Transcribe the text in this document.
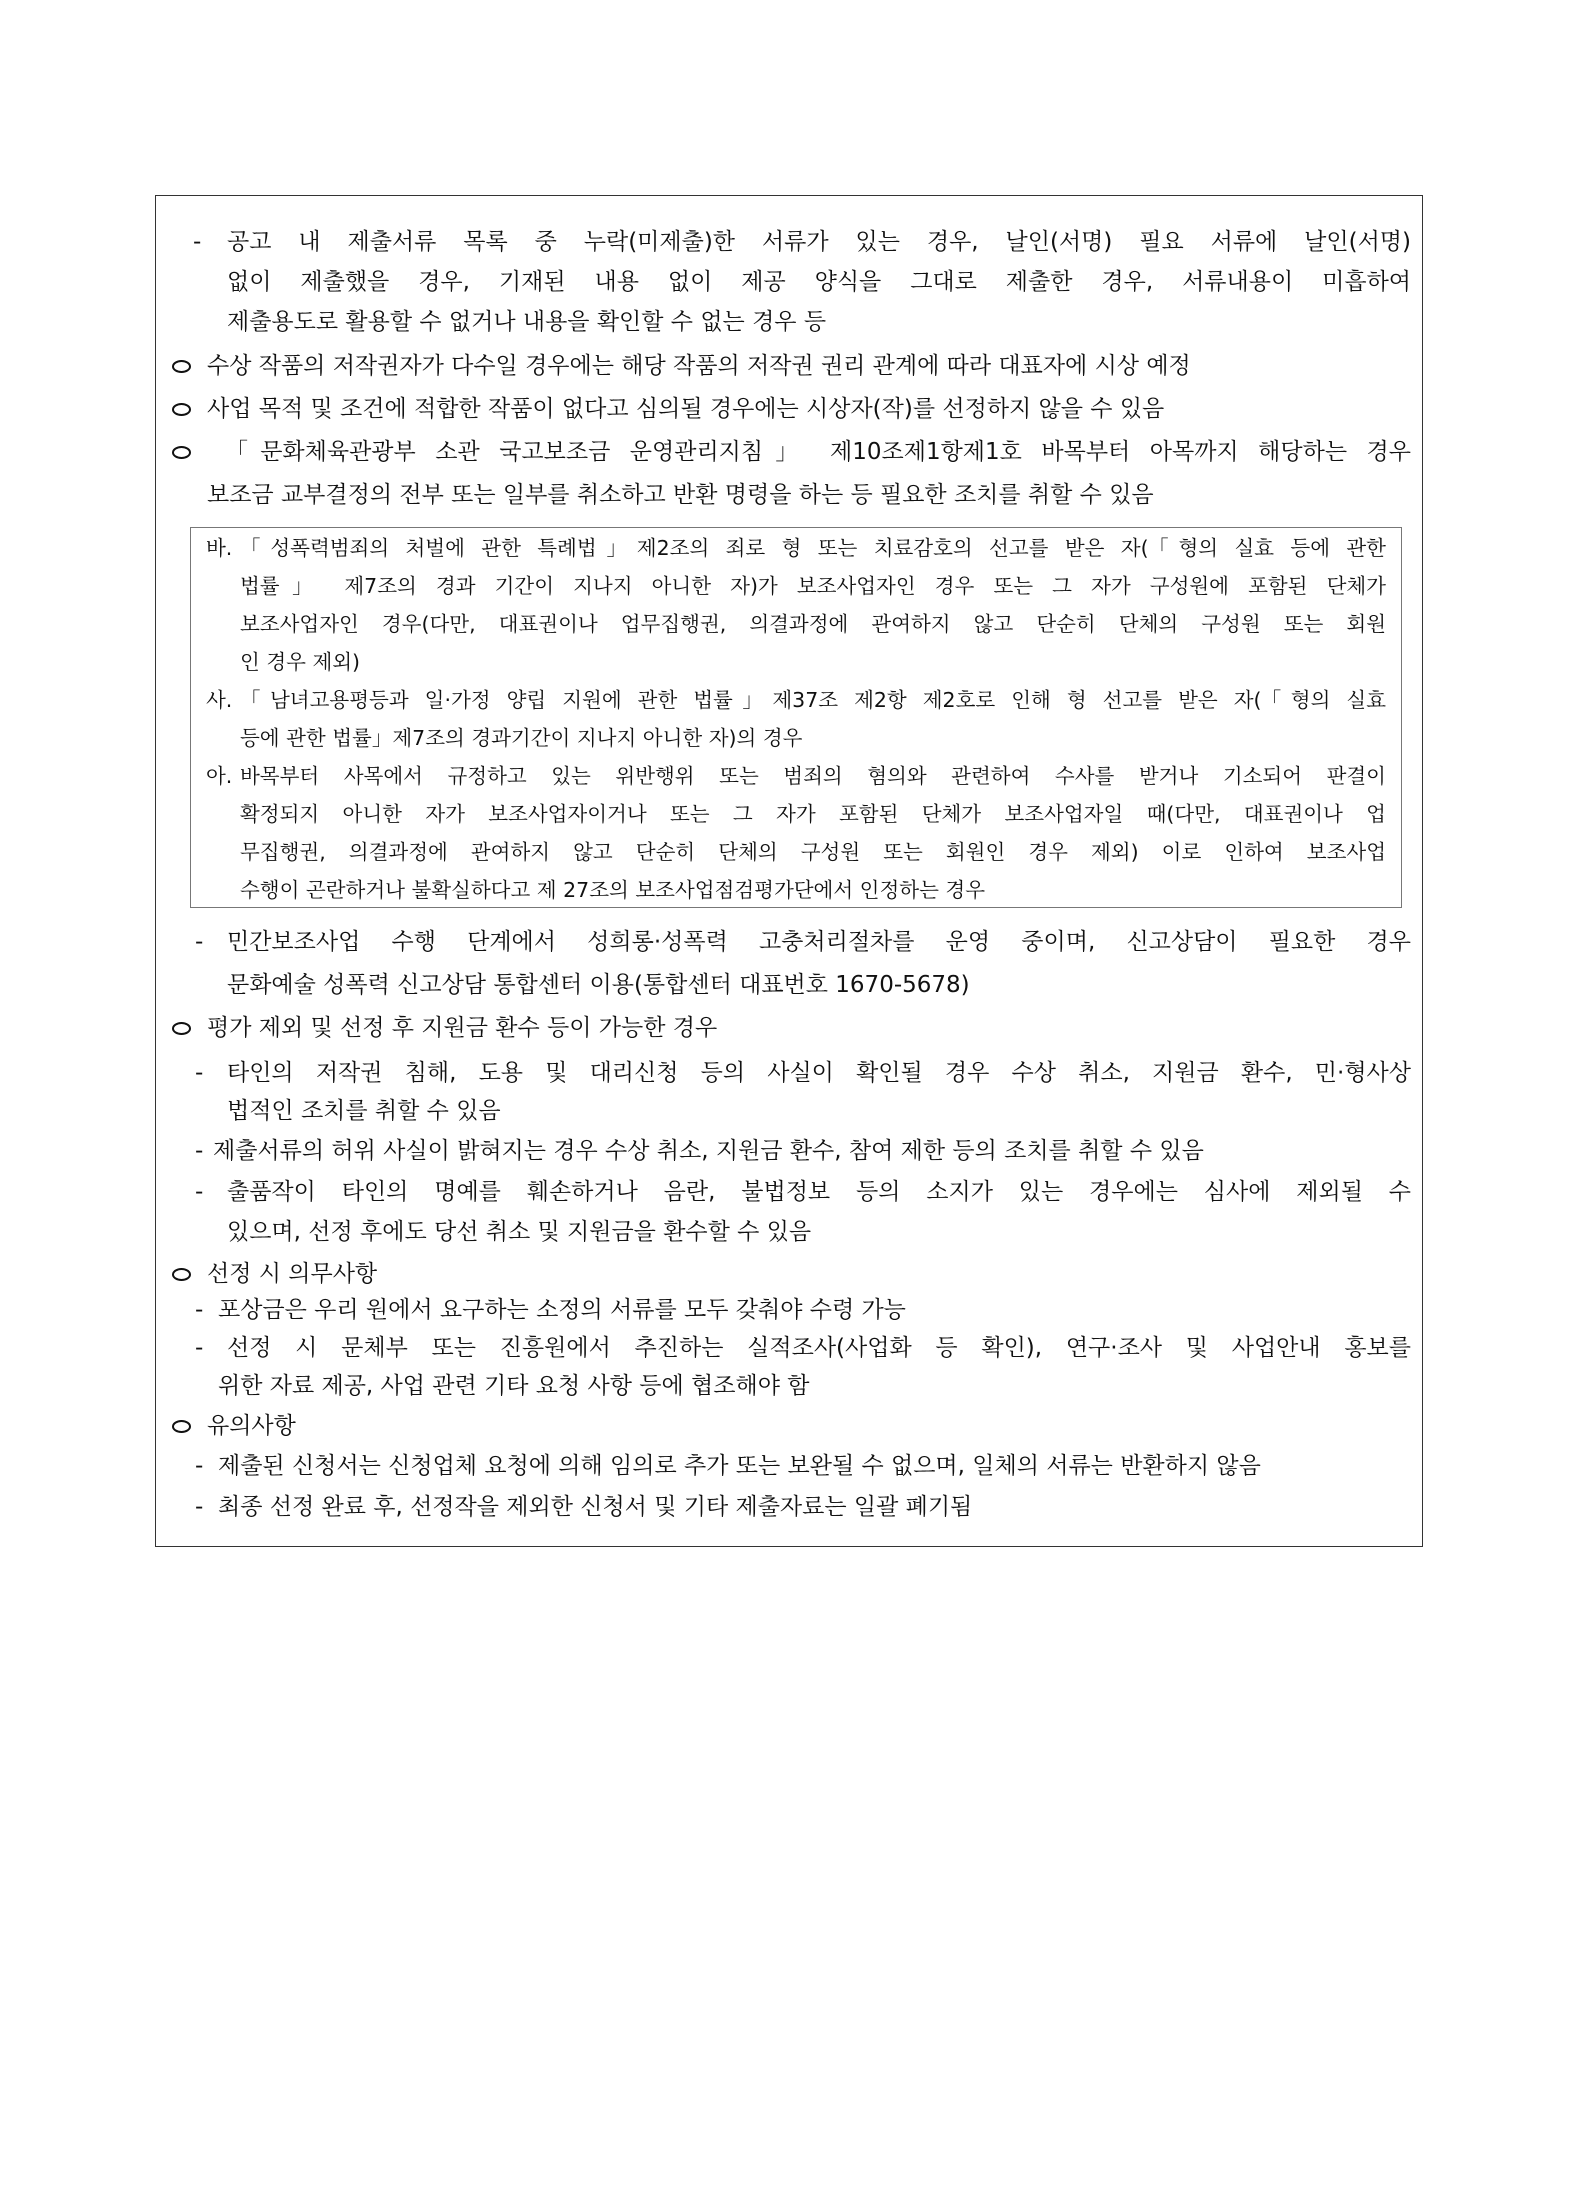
- 공고 내 제출서류 목록 중 누락(미제출)한 서류가 있는 경우, 날인(서명) 필요 서류에 날인(서명)
없이 제출했을 경우, 기재된 내용 없이 제공 양식을 그대로 제출한 경우, 서류내용이 미흡하여
제출용도로 활용할 수 없거나 내용을 확인할 수 없는 경우 등
수상 작품의 저작권자가 다수일 경우에는 해당 작품의 저작권 권리 관계에 따라 대표자에 시상 예정
사업 목적 및 조건에 적합한 작품이 없다고 심의될 경우에는 시상자(작)를 선정하지 않을 수 있음
「문화체육관광부 소관 국고보조금 운영관리지침」 제10조제1항제1호 바목부터 아목까지 해당하는 경우
보조금 교부결정의 전부 또는 일부를 취소하고 반환 명령을 하는 등 필요한 조치를 취할 수 있음
바. 「성폭력범죄의 처벌에 관한 특례법」제2조의 죄로 형 또는 치료감호의 선고를 받은 자(「형의 실효 등에 관한
법률」 제7조의 경과 기간이 지나지 아니한 자)가 보조사업자인 경우 또는 그 자가 구성원에 포함된 단체가
보조사업자인 경우(다만, 대표권이나 업무집행권, 의결과정에 관여하지 않고 단순히 단체의 구성원 또는 회원
인 경우 제외)
사. 「남녀고용평등과 일·가정 양립 지원에 관한 법률」제37조 제2항 제2호로 인해 형 선고를 받은 자(「형의 실효
등에 관한 법률」제7조의 경과기간이 지나지 아니한 자)의 경우
아. 바목부터 사목에서 규정하고 있는 위반행위 또는 범죄의 혐의와 관련하여 수사를 받거나 기소되어 판결이
확정되지 아니한 자가 보조사업자이거나 또는 그 자가 포함된 단체가 보조사업자일 때(다만, 대표권이나 업
무집행권, 의결과정에 관여하지 않고 단순히 단체의 구성원 또는 회원인 경우 제외) 이로 인하여 보조사업
수행이 곤란하거나 불확실하다고 제 27조의 보조사업점검평가단에서 인정하는 경우
- 민간보조사업 수행 단계에서 성희롱·성폭력 고충처리절차를 운영 중이며, 신고상담이 필요한 경우
문화예술 성폭력 신고상담 통합센터 이용(통합센터 대표번호 1670-5678)
평가 제외 및 선정 후 지원금 환수 등이 가능한 경우
- 타인의 저작권 침해, 도용 및 대리신청 등의 사실이 확인될 경우 수상 취소, 지원금 환수, 민·형사상
법적인 조치를 취할 수 있음
- 제출서류의 허위 사실이 밝혀지는 경우 수상 취소, 지원금 환수, 참여 제한 등의 조치를 취할 수 있음
- 출품작이 타인의 명예를 훼손하거나 음란, 불법정보 등의 소지가 있는 경우에는 심사에 제외될 수
있으며, 선정 후에도 당선 취소 및 지원금을 환수할 수 있음
선정 시 의무사항
- 포상금은 우리 원에서 요구하는 소정의 서류를 모두 갖춰야 수령 가능
- 선정 시 문체부 또는 진흥원에서 추진하는 실적조사(사업화 등 확인), 연구·조사 및 사업안내 홍보를
위한 자료 제공, 사업 관련 기타 요청 사항 등에 협조해야 함
유의사항
- 제출된 신청서는 신청업체 요청에 의해 임의로 추가 또는 보완될 수 없으며, 일체의 서류는 반환하지 않음
- 최종 선정 완료 후, 선정작을 제외한 신청서 및 기타 제출자료는 일괄 폐기됨
